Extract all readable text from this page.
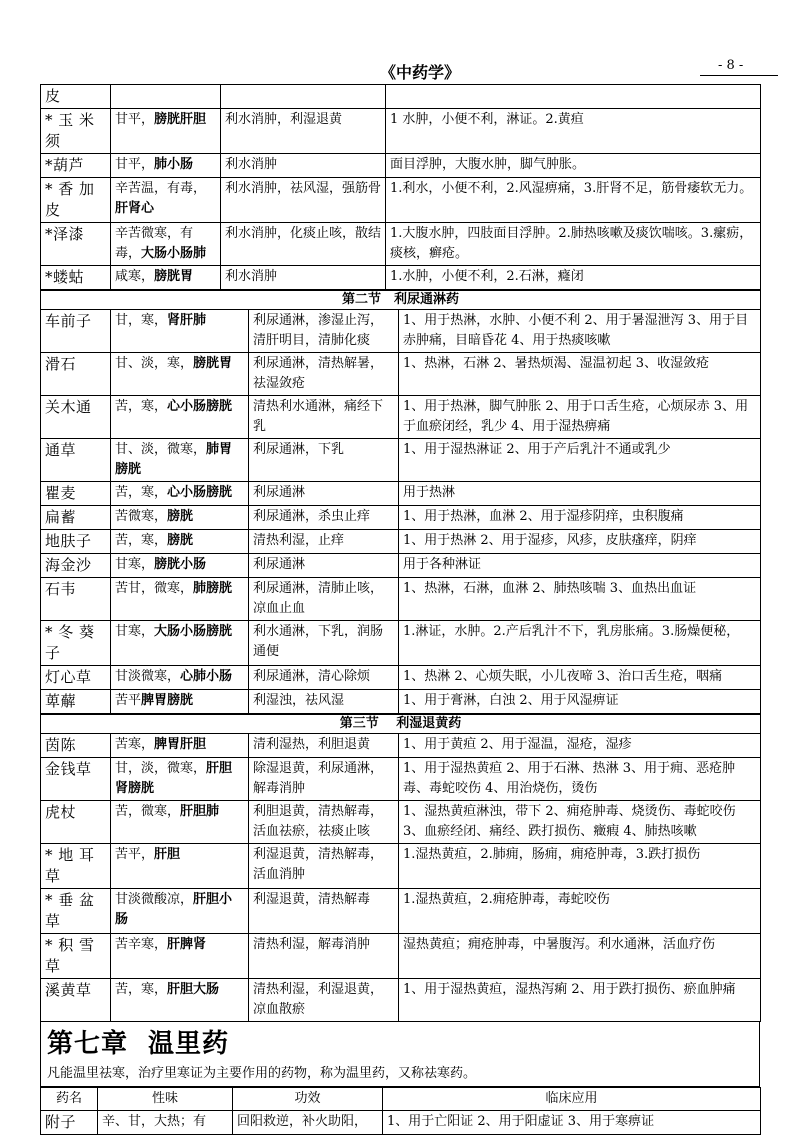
《中药学》	- 8 -
皮			
* 玉 米须	甘平，膀胱肝胆	利水消肿，利湿退黄	1 水肿，小便不利，淋证。2.黄疸
*葫芦	甘平，肺小肠	利水消肿	面目浮肿，大腹水肿，脚气肿胀。
* 香 加皮	辛苦温，有毒，肝肾心	利水消肿，祛风湿，强筋骨	1.利水，小便不利，2.风湿痹痛，3.肝肾不足，筋骨痿软无力。
*泽漆	辛苦微寒，有毒，大肠小肠肺	利水消肿，化痰止咳，散结	1.大腹水肿，四肢面目浮肿。2.肺热咳嗽及痰饮喘咳。3.瘰疬，痰核，癣疮。
*蝼蛄	咸寒，膀胱胃	利水消肿	1.水肿，小便不利，2.石淋，癃闭
第二节　利尿通淋药			
车前子	甘，寒，肾肝肺	利尿通淋，渗湿止泻，清肝明目，清肺化痰	1、用于热淋，水肿、小便不利 2、用于暑湿泄泻 3、用于目赤肿痛，目暗昏花 4、用于热痰咳嗽
滑石	甘、淡，寒，膀胱胃	利尿通淋，清热解暑，祛湿敛疮	1、热淋，石淋 2、暑热烦渴、湿温初起 3、收湿敛疮
关木通	苦，寒，心小肠膀胱	清热利水通淋，痛经下乳	1、用于热淋，脚气肿胀 2、用于口舌生疮，心烦尿赤 3、用于血瘀闭经，乳少 4、用于湿热痹痛
通草	甘、淡，微寒，肺胃膀胱	利尿通淋，下乳	1、用于湿热淋证 2、用于产后乳汁不通或乳少
瞿麦	苦，寒，心小肠膀胱	利尿通淋	用于热淋
扁蓄	苦微寒，膀胱	利尿通淋，杀虫止痒	1、用于热淋，血淋 2、用于湿疹阴痒，虫积腹痛
地肤子	苦，寒，膀胱	清热利湿，止痒	1、用于热淋 2、用于湿疹，风疹，皮肤瘙痒，阴痒
海金沙	甘寒，膀胱小肠	利尿通淋	用于各种淋证
石韦	苦甘，微寒，肺膀胱	利尿通淋，清肺止咳，凉血止血	1、热淋，石淋，血淋 2、肺热咳喘 3、血热出血证
* 冬 葵子	甘寒，大肠小肠膀胱	利水通淋，下乳，润肠通便	1.淋证，水肿。2.产后乳汁不下，乳房胀痛。3.肠燥便秘，
灯心草	甘淡微寒，心肺小肠	利尿通淋，清心除烦	1、热淋 2、心烦失眠，小儿夜啼 3、治口舌生疮，咽痛
萆薢	苦平脾胃膀胱	利湿浊，祛风湿	1、用于膏淋，白浊 2、用于风湿痹证
第三节　 利湿退黄药			
茵陈	苦寒，脾胃肝胆	清利湿热，利胆退黄	1、用于黄疸 2、用于湿温，湿疮，湿疹
金钱草	甘，淡，微寒，肝胆肾膀胱	除湿退黄，利尿通淋，解毒消肿	1、用于湿热黄疸 2、用于石淋、热淋 3、用于痈、恶疮肿毒、毒蛇咬伤 4、用治烧伤，烫伤
虎杖	苦，微寒，肝胆肺	利胆退黄，清热解毒，活血祛瘀，祛痰止咳	1、湿热黄疸淋浊，带下 2、痈疮肿毒、烧烫伤、毒蛇咬伤 3、血瘀经闭、痛经、跌打损伤、癥瘕 4、肺热咳嗽
* 地 耳草	苦平，肝胆	利湿退黄，清热解毒，活血消肿	1.湿热黄疸，2.肺痈，肠痈，痈疮肿毒，3.跌打损伤
* 垂 盆草	甘淡微酸凉，肝胆小肠	利湿退黄，清热解毒	1.湿热黄疸，2.痈疮肿毒，毒蛇咬伤
* 积 雪草	苦辛寒，肝脾肾	清热利湿，解毒消肿	湿热黄疸；痈疮肿毒，中暑腹泻。利水通淋，活血疗伤
溪黄草	苦，寒，肝胆大肠	清热利湿，利湿退黄，凉血散瘀	1、用于湿热黄疸，湿热泻痢 2、用于跌打损伤、瘀血肿痛
第七章 温里药
凡能温里祛寒，治疗里寒证为主要作用的药物，称为温里药，又称祛寒药。
药名	性味	功效	临床应用
附子	辛、甘，大热；有	回阳救逆，补火助阳，	1、用于亡阳证 2、用于阳虚证 3、用于寒痹证
